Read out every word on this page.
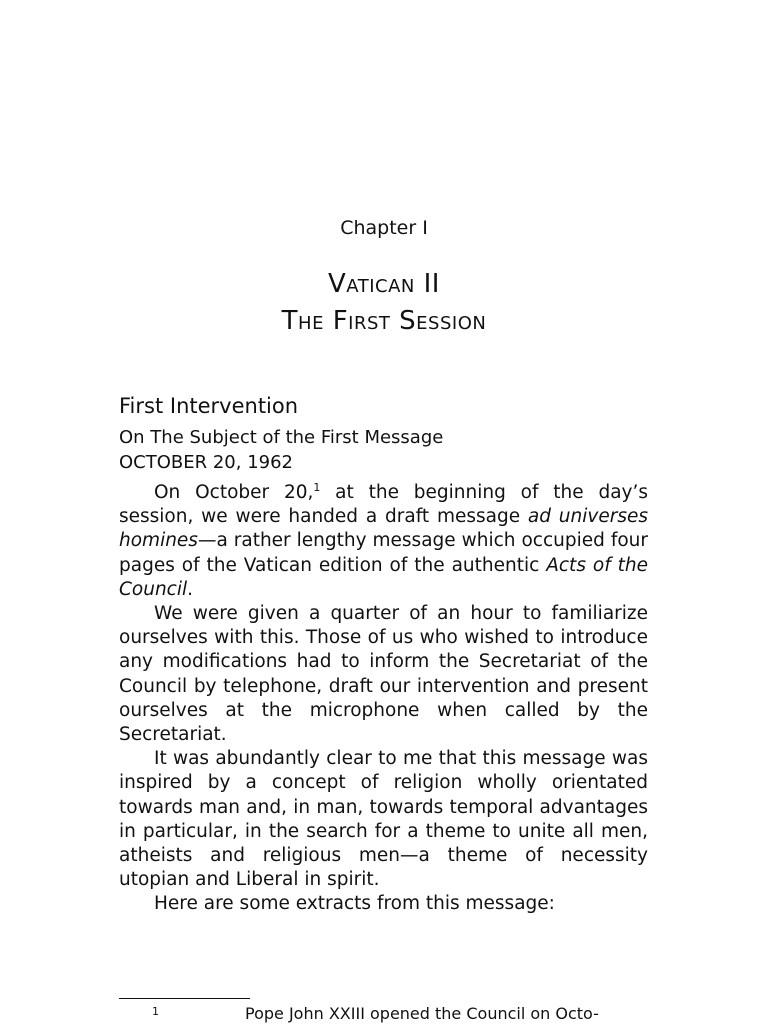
Chapter I
Vatican II
The First Session
First Intervention
On The Subject of the First Message
OCTOBER 20, 1962

On October 20,$^1$ at the beginning of the day’s session, we were handed a draft message ad universes homines—a rather lengthy message which occupied four pages of the Vatican edition of the authentic Acts of the Council.

We were given a quarter of an hour to familiarize ourselves with this. Those of us who wished to introduce any modifications had to inform the Secretariat of the Council by telephone, draft our intervention and present ourselves at the microphone when called by the Secretariat.

It was abundantly clear to me that this message was inspired by a concept of religion wholly orientated towards man and, in man, towards temporal advantages in particular, in the search for a theme to unite all men, atheists and religious men—a theme of necessity utopian and Liberal in spirit.

Here are some extracts from this message:

1	Pope John XXIII opened the Council on Octo-
